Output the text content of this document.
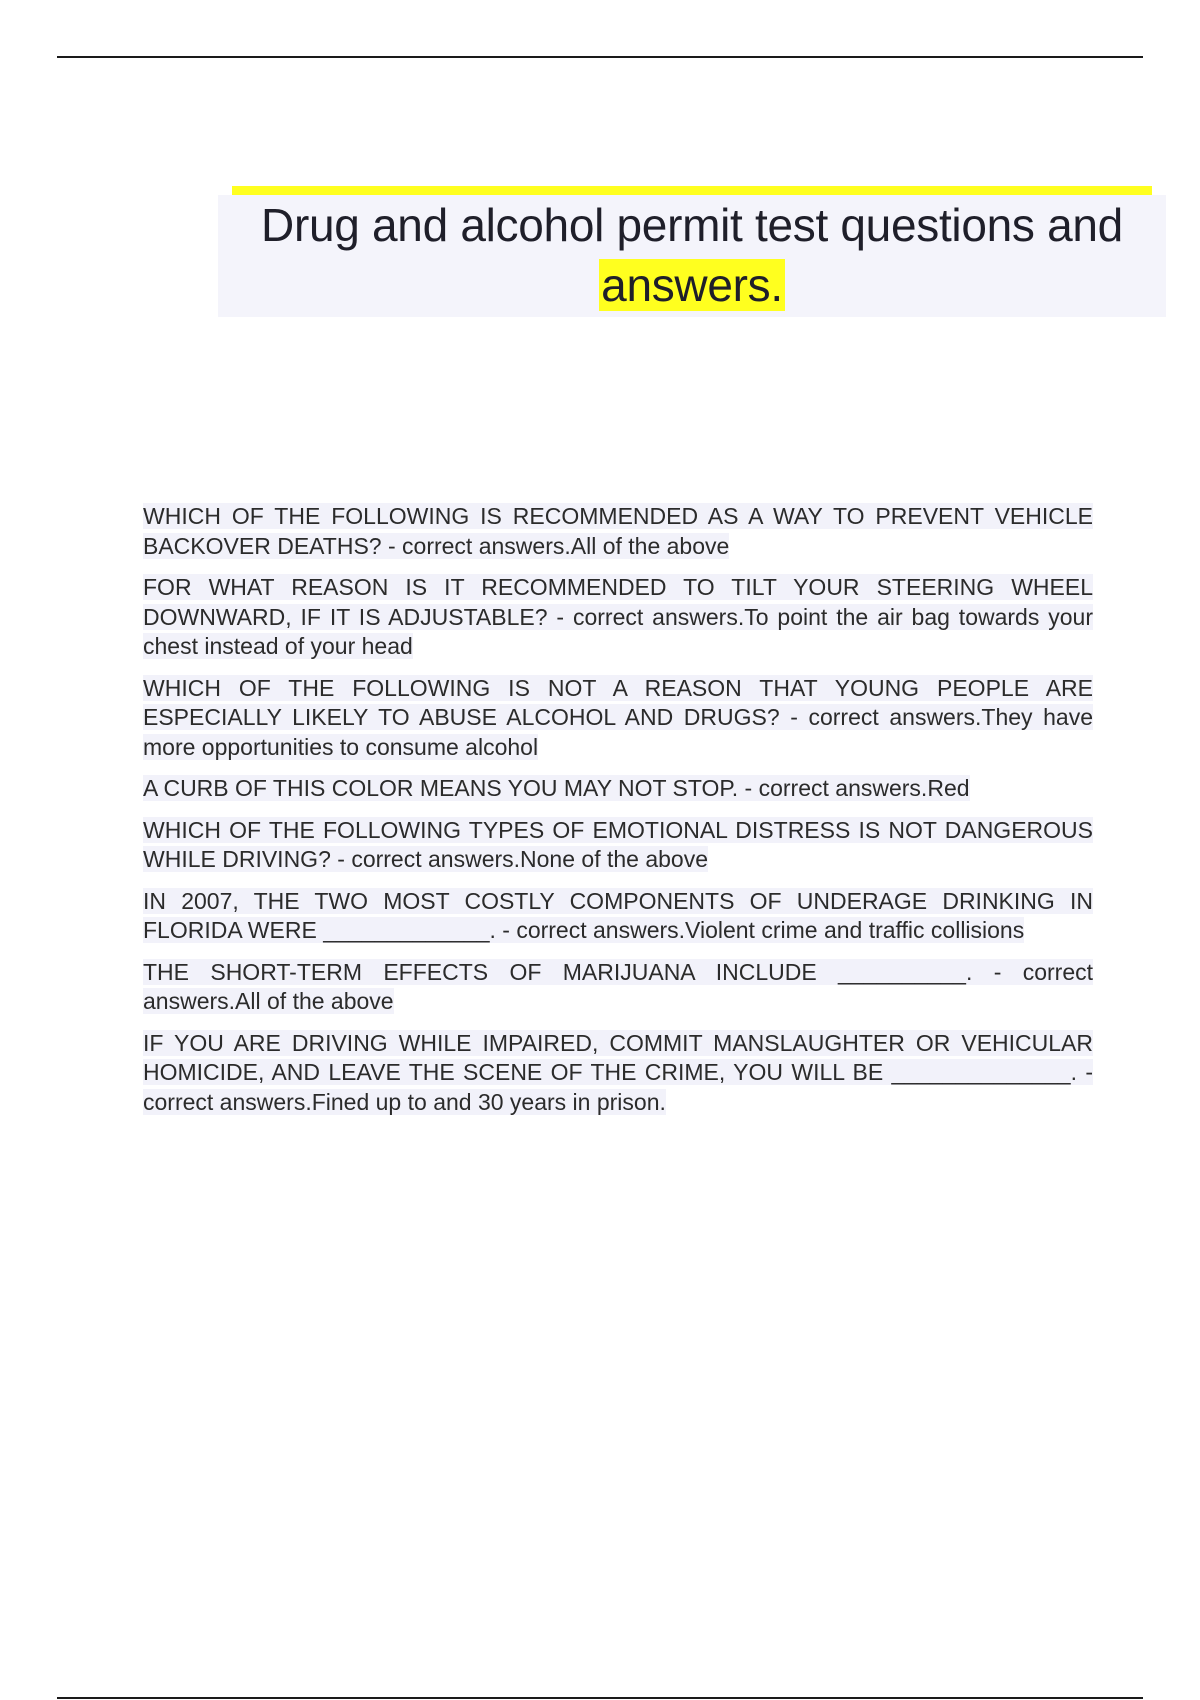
Drug and alcohol permit test questions and
answers.

WHICH OF THE FOLLOWING IS RECOMMENDED AS A WAY TO PREVENT VEHICLE BACKOVER DEATHS? - correct answers.All of the above

FOR WHAT REASON IS IT RECOMMENDED TO TILT YOUR STEERING WHEEL DOWNWARD, IF IT IS ADJUSTABLE? - correct answers.To point the air bag towards your chest instead of your head

WHICH OF THE FOLLOWING IS NOT A REASON THAT YOUNG PEOPLE ARE ESPECIALLY LIKELY TO ABUSE ALCOHOL AND DRUGS? - correct answers.They have more opportunities to consume alcohol

A CURB OF THIS COLOR MEANS YOU MAY NOT STOP. - correct answers.Red

WHICH OF THE FOLLOWING TYPES OF EMOTIONAL DISTRESS IS NOT DANGEROUS WHILE DRIVING? - correct answers.None of the above

IN 2007, THE TWO MOST COSTLY COMPONENTS OF UNDERAGE DRINKING IN FLORIDA WERE _____________. - correct answers.Violent crime and traffic collisions

THE SHORT-TERM EFFECTS OF MARIJUANA INCLUDE __________. - correct answers.All of the above

IF YOU ARE DRIVING WHILE IMPAIRED, COMMIT MANSLAUGHTER OR VEHICULAR HOMICIDE, AND LEAVE THE SCENE OF THE CRIME, YOU WILL BE ______________. - correct answers.Fined up to and 30 years in prison.
